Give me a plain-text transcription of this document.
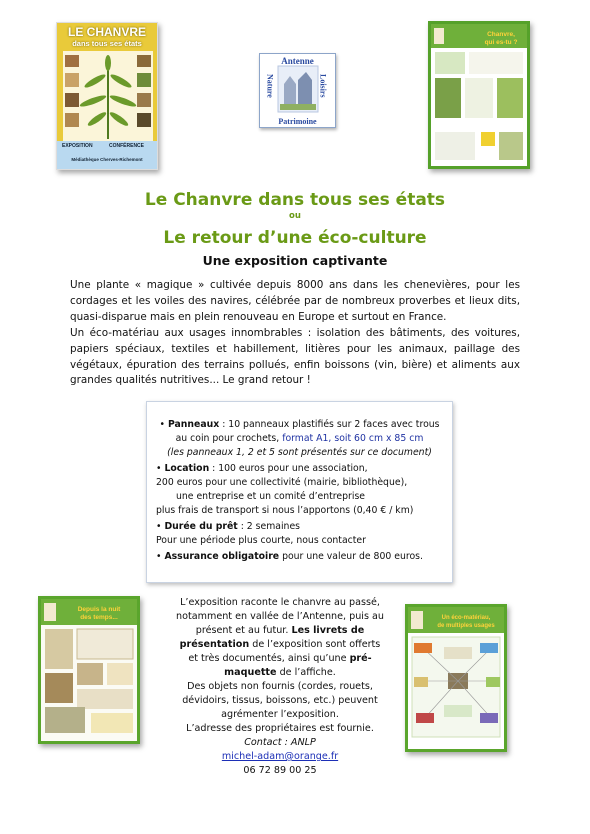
LE CHANVRE
dans tous ses états
EXPOSITION	CONFÉRENCE
Médiathèque Cherves-Richemont
Antenne
Patrimoine
Nature	Loisirs
Chanvre,
qui es-tu ?
Le Chanvre dans tous ses états
ou
Le retour d’une éco-culture
Une exposition captivante

Une plante « magique » cultivée depuis 8000 ans dans les chenevières, pour les cordages et les voiles des navires, célébrée par de nombreux proverbes et lieux dits, quasi-disparue mais en plein renouveau en Europe et surtout en France.

Un éco-matériau aux usages innombrables : isolation des bâtiments, des voitures, papiers spéciaux, textiles et habillement, litières pour les animaux, paillage des végétaux, épuration des terrains pollués, enfin boissons (vin, bière) et aliments aux grandes qualités nutritives... Le grand retour !

• Panneaux : 10 panneaux plastifiés sur 2 faces avec trous
au coin pour crochets, format A1, soit 60 cm x 85 cm
(les panneaux 1, 2 et 5 sont présentés sur ce document)
• Location : 100 euros pour une association,
200 euros pour une collectivité (mairie, bibliothèque),
une entreprise et un comité d’entreprise
plus frais de transport si nous l’apportons (0,40 € / km)
• Durée du prêt : 2 semaines
Pour une période plus courte, nous contacter
• Assurance obligatoire pour une valeur de 800 euros.
Depuis la nuit
des temps...	Un éco-matériau,
de multiples usages
L’exposition raconte le chanvre au passé,
notamment en vallée de l’Antenne, puis au
présent et au futur. Les livrets de
présentation de l’exposition sont offerts
et très documentés, ainsi qu’une pré-
maquette de l’affiche.
Des objets non fournis (cordes, rouets,
dévidoirs, tissus, boissons, etc.) peuvent
agrémenter l’exposition.
L’adresse des propriétaires est fournie.
Contact : ANLP
michel-adam@orange.fr
06 72 89 00 25
